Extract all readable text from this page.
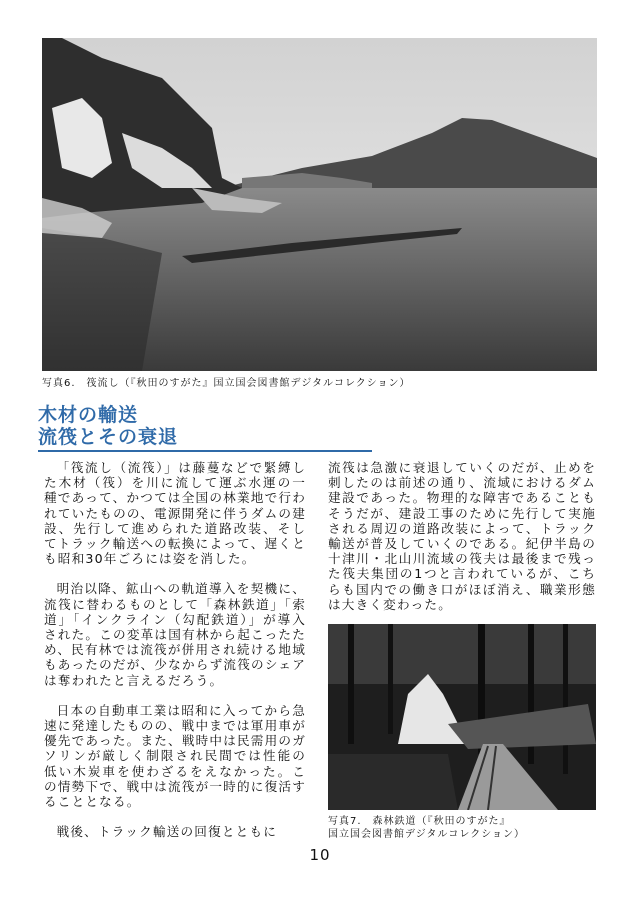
写真6.　筏流し（『秋田のすがた』国立国会図書館デジタルコレクション）
木材の輸送
流筏とその衰退

「筏流し（流筏）」は藤蔓などで緊縛した木材（筏）を川に流して運ぶ水運の一種であって、かつては全国の林業地で行われていたものの、電源開発に伴うダムの建設、先行して進められた道路改装、そしてトラック輸送への転換によって、遅くとも昭和30年ごろには姿を消した。

明治以降、鉱山への軌道導入を契機に、流筏に替わるものとして「森林鉄道」「索道」「インクライン（勾配鉄道）」が導入された。この変革は国有林から起こったため、民有林では流筏が併用され続ける地域もあったのだが、少なからず流筏のシェアは奪われたと言えるだろう。

日本の自動車工業は昭和に入ってから急速に発達したものの、戦中までは軍用車が優先であった。また、戦時中は民需用のガソリンが厳しく制限され民間では性能の低い木炭車を使わざるをえなかった。この情勢下で、戦中は流筏が一時的に復活することとなる。

戦後、トラック輸送の回復とともに

流筏は急激に衰退していくのだが、止めを刺したのは前述の通り、流域におけるダム建設であった。物理的な障害であることもそうだが、建設工事のために先行して実施される周辺の道路改装によって、トラック輸送が普及していくのである。紀伊半島の十津川・北山川流域の筏夫は最後まで残った筏夫集団の1つと言われているが、こちらも国内での働き口がほぼ消え、職業形態は大きく変わった。

写真7.　森林鉄道（『秋田のすがた』
国立国会図書館デジタルコレクション）
10
